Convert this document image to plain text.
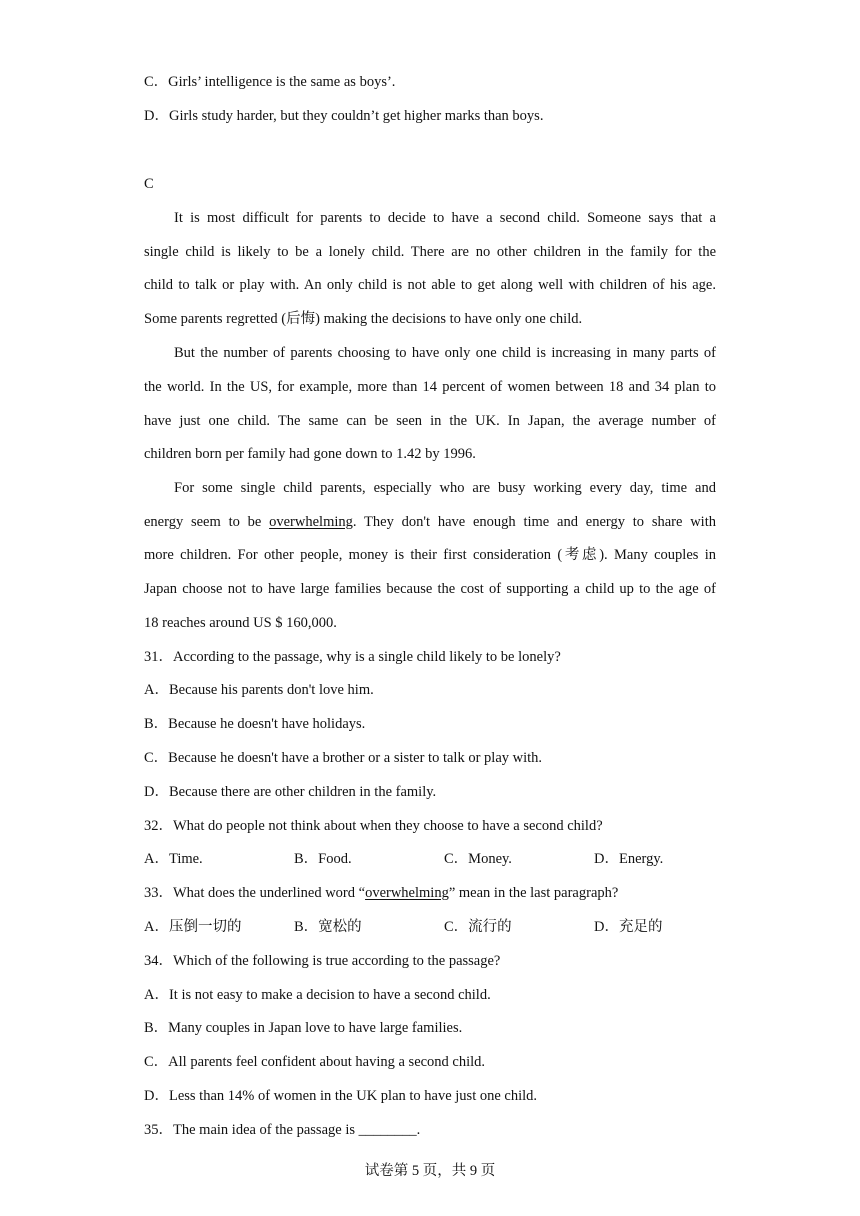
C．Girls’ intelligence is the same as boys’.
D．Girls study harder, but they couldn’t get higher marks than boys.
C
It is most difficult for parents to decide to have a second child. Someone says that a
single child is likely to be a lonely child. There are no other children in the family for the
child to talk or play with. An only child is not able to get along well with children of his age.
Some parents regretted (后悔) making the decisions to have only one child.
But the number of parents choosing to have only one child is increasing in many parts of
the world. In the US, for example, more than 14 percent of women between 18 and 34 plan to
have just one child. The same can be seen in the UK. In Japan, the average number of
children born per family had gone down to 1.42 by 1996.
For some single child parents, especially who are busy working every day, time and
energy seem to be overwhelming. They don't have enough time and energy to share with
more children. For other people, money is their first consideration (考虑). Many couples in
Japan choose not to have large families because the cost of supporting a child up to the age of
18 reaches around US $ 160,000.
31．According to the passage, why is a single child likely to be lonely?
A．Because his parents don't love him.
B．Because he doesn't have holidays.
C．Because he doesn't have a brother or a sister to talk or play with.
D．Because there are other children in the family.
32．What do people not think about when they choose to have a second child?
A．Time.	B．Food.	C．Money.	D．Energy.
33．What does the underlined word “overwhelming” mean in the last paragraph?
A．压倒一切的	B．宽松的	C．流行的	D．充足的
34．Which of the following is true according to the passage?
A．It is not easy to make a decision to have a second child.
B．Many couples in Japan love to have large families.
C．All parents feel confident about having a second child.
D．Less than 14% of women in the UK plan to have just one child.
35．The main idea of the passage is ________.
试卷第 5 页，共 9 页
